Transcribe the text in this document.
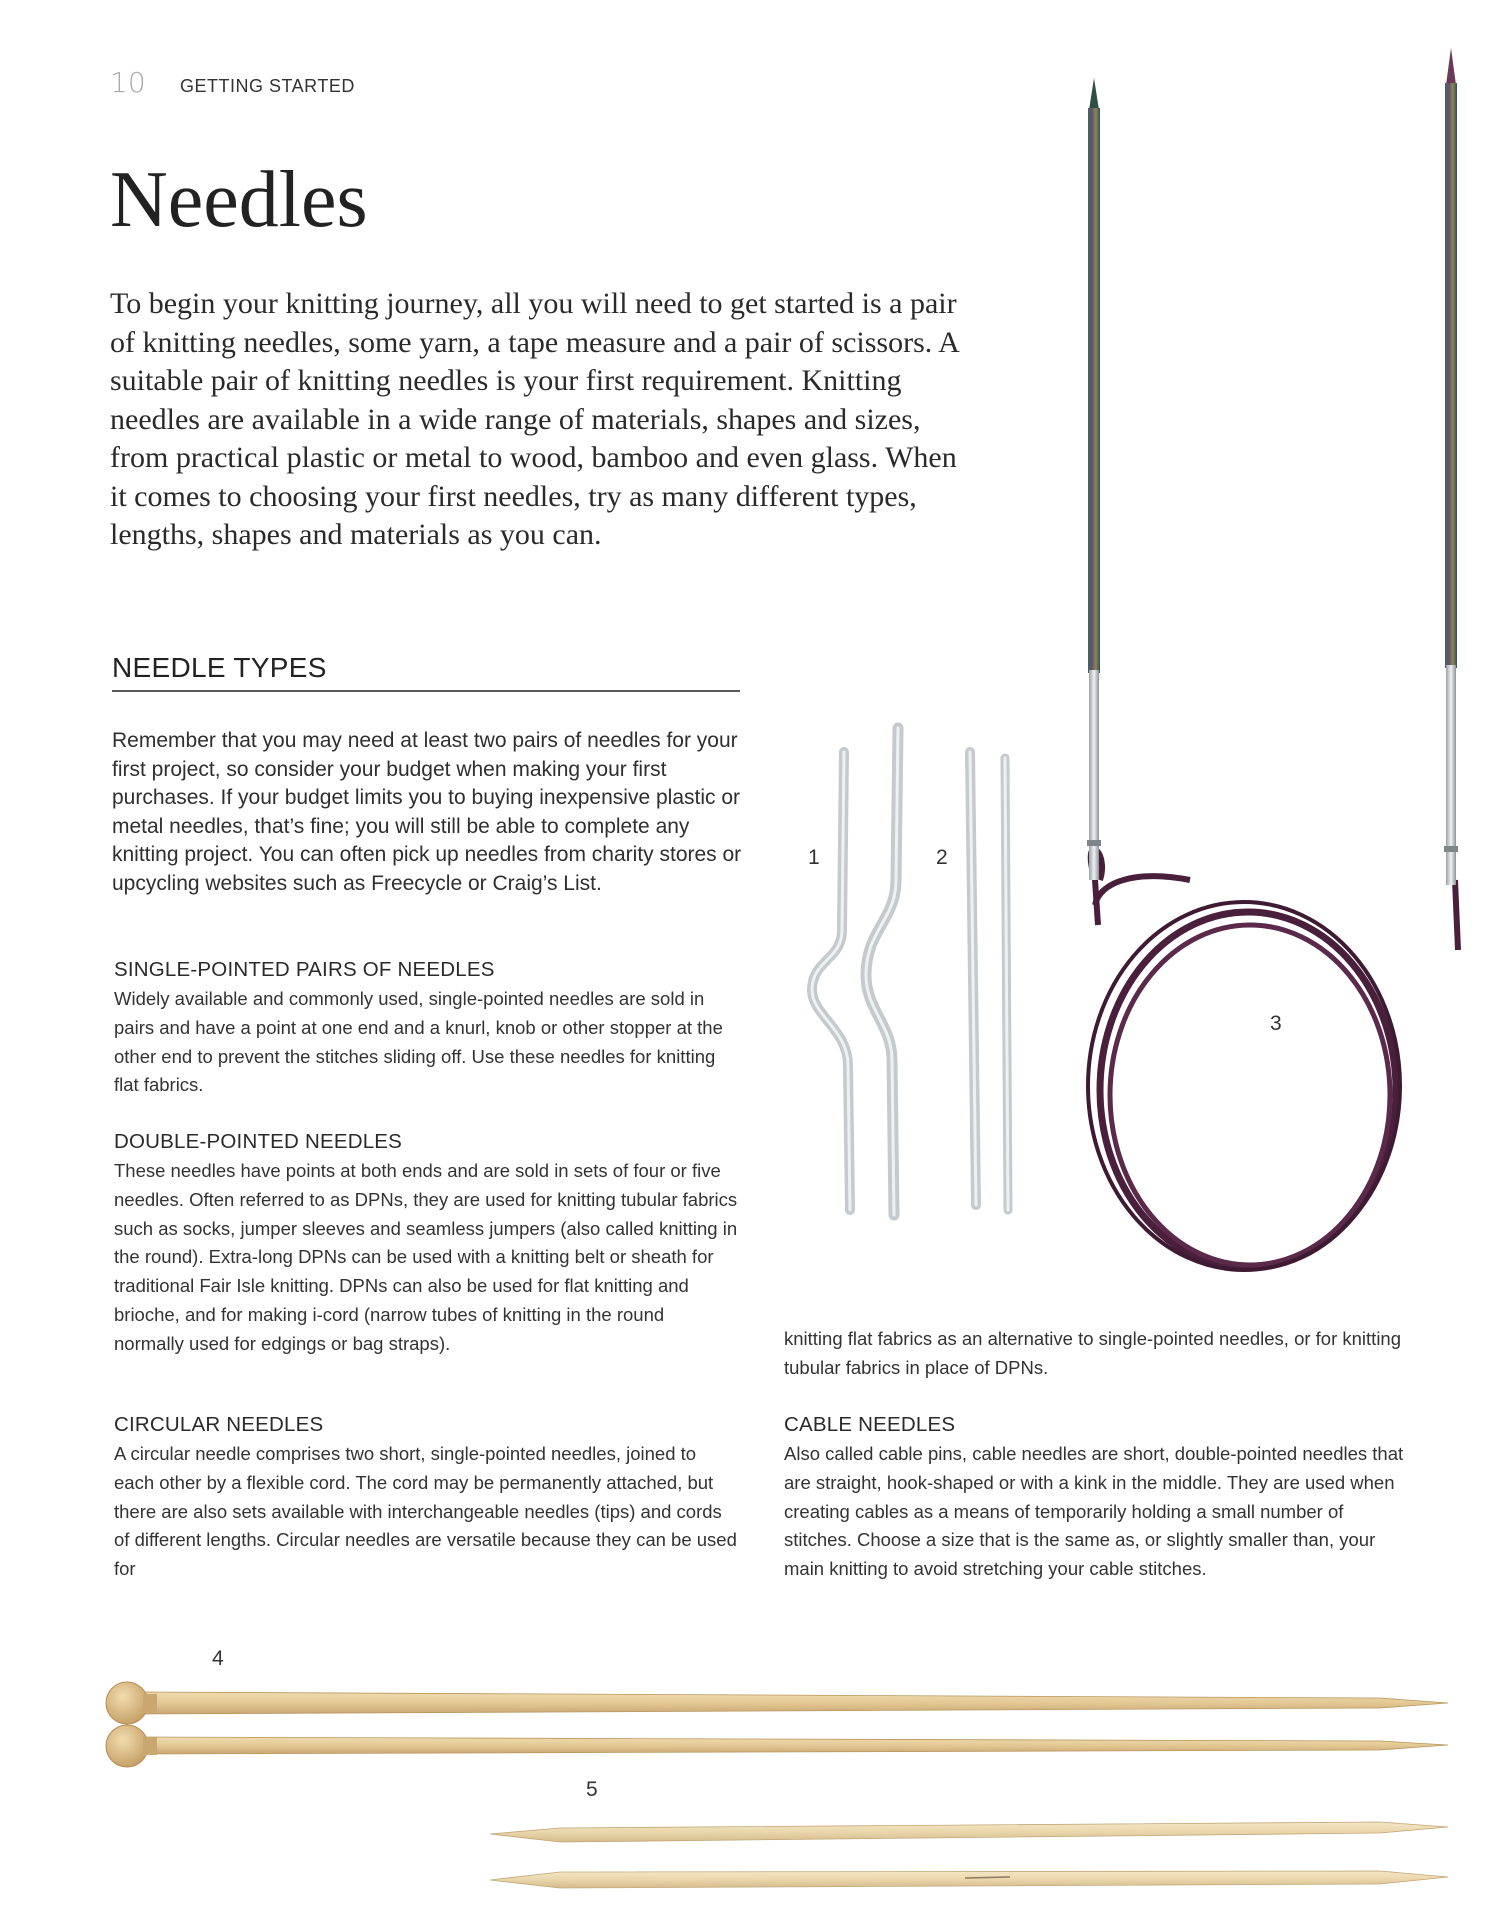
10 GETTING STARTED
Needles

To begin your knitting journey, all you will need to get started is a pair of knitting needles, some yarn, a tape measure and a pair of scissors. A suitable pair of knitting needles is your first requirement. Knitting needles are available in a wide range of materials, shapes and sizes, from practical plastic or metal to wood, bamboo and even glass. When it comes to choosing your first needles, try as many different types, lengths, shapes and materials as you can.

NEEDLE TYPES

Remember that you may need at least two pairs of needles for your first project, so consider your budget when making your first purchases. If your budget limits you to buying inexpensive plastic or metal needles, that’s fine; you will still be able to complete any knitting project. You can often pick up needles from charity stores or upcycling websites such as Freecycle or Craig’s List.

SINGLE-POINTED PAIRS OF NEEDLES

Widely available and commonly used, single-pointed needles are sold in pairs and have a point at one end and a knurl, knob or other stopper at the other end to prevent the stitches sliding off. Use these needles for knitting flat fabrics.

DOUBLE-POINTED NEEDLES

These needles have points at both ends and are sold in sets of four or five needles. Often referred to as DPNs, they are used for knitting tubular fabrics such as socks, jumper sleeves and seamless jumpers (also called knitting in the round). Extra-long DPNs can be used with a knitting belt or sheath for traditional Fair Isle knitting. DPNs can also be used for flat knitting and brioche, and for making i-cord (narrow tubes of knitting in the round normally used for edgings or bag straps).

CIRCULAR NEEDLES

A circular needle comprises two short, single-pointed needles, joined to each other by a flexible cord. The cord may be permanently attached, but there are also sets available with interchangeable needles (tips) and cords of different lengths. Circular needles are versatile because they can be used for

knitting flat fabrics as an alternative to single-pointed needles, or for knitting tubular fabrics in place of DPNs.

CABLE NEEDLES

Also called cable pins, cable needles are short, double-pointed needles that are straight, hook-shaped or with a kink in the middle. They are used when creating cables as a means of temporarily holding a small number of stitches. Choose a size that is the same as, or slightly smaller than, your main knitting to avoid stretching your cable stitches.

1	2
3
4
5
